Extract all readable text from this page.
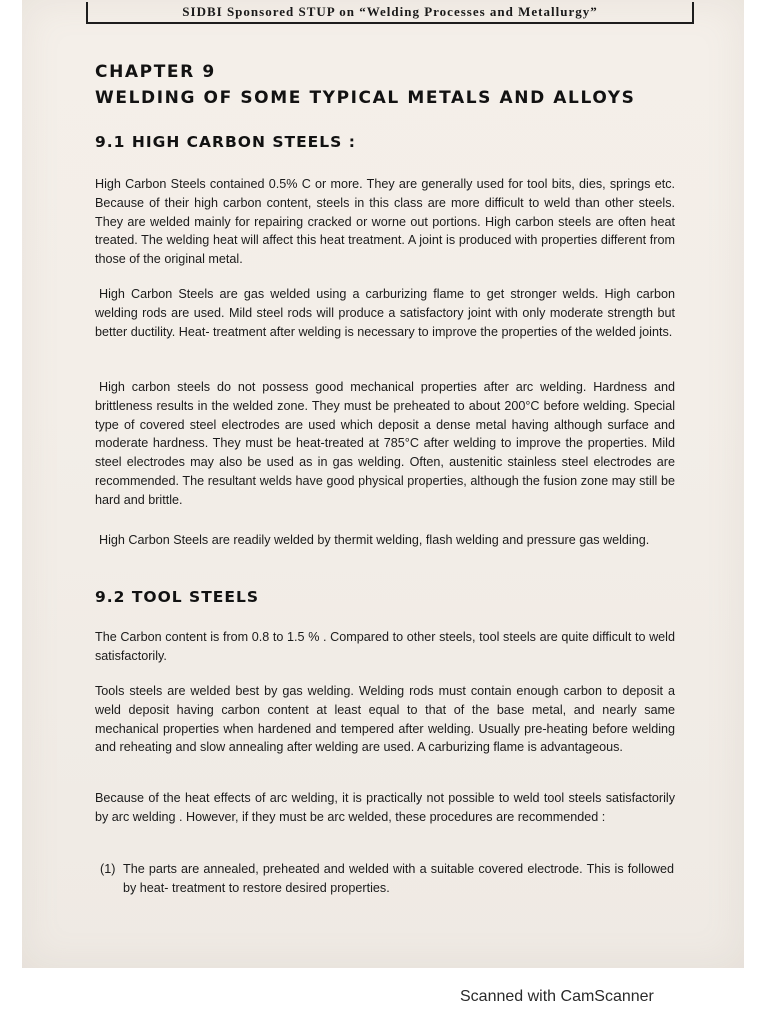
SIDBI Sponsored STUP on “Welding Processes and Metallurgy”
CHAPTER 9
WELDING OF SOME TYPICAL METALS AND ALLOYS
9.1 HIGH CARBON STEELS :
High Carbon Steels contained 0.5% C or more. They are generally used for tool bits, dies, springs etc. Because of their high carbon content, steels in this class are more difficult to weld than other steels. They are welded mainly for repairing cracked or worne out portions. High carbon steels are often heat treated. The welding heat will affect this heat treatment. A joint is produced with properties different from those of the original metal.
High Carbon Steels are gas welded using a carburizing flame to get stronger welds. High carbon welding rods are used. Mild steel rods will produce a satisfactory joint with only moderate strength but better ductility. Heat- treatment after welding is necessary to improve the properties of the welded joints.
High carbon steels do not possess good mechanical properties after arc welding. Hardness and brittleness results in the welded zone. They must be preheated to about 200°C before welding. Special type of covered steel electrodes are used which deposit a dense metal having although surface and moderate hardness. They must be heat-treated at 785°C after welding to improve the properties. Mild steel electrodes may also be used as in gas welding. Often, austenitic stainless steel electrodes are recommended. The resultant welds have good physical properties, although the fusion zone may still be hard and brittle.
High Carbon Steels are readily welded by thermit welding, flash welding and pressure gas welding.
9.2 TOOL STEELS
The Carbon content is from 0.8 to 1.5 % . Compared to other steels, tool steels are quite difficult to weld satisfactorily.
Tools steels are welded best by gas welding. Welding rods must contain enough carbon to deposit a weld deposit having carbon content at least equal to that of the base metal, and nearly same mechanical properties when hardened and tempered after welding. Usually pre-heating before welding and reheating and slow annealing after welding are used. A carburizing flame is advantageous.
Because of the heat effects of arc welding, it is practically not possible to weld tool steels satisfactorily by arc welding . However, if they must be arc welded, these procedures are recommended :
(1) The parts are annealed, preheated and welded with a suitable covered electrode. This is followed by heat- treatment to restore desired properties.
Scanned with CamScanner
